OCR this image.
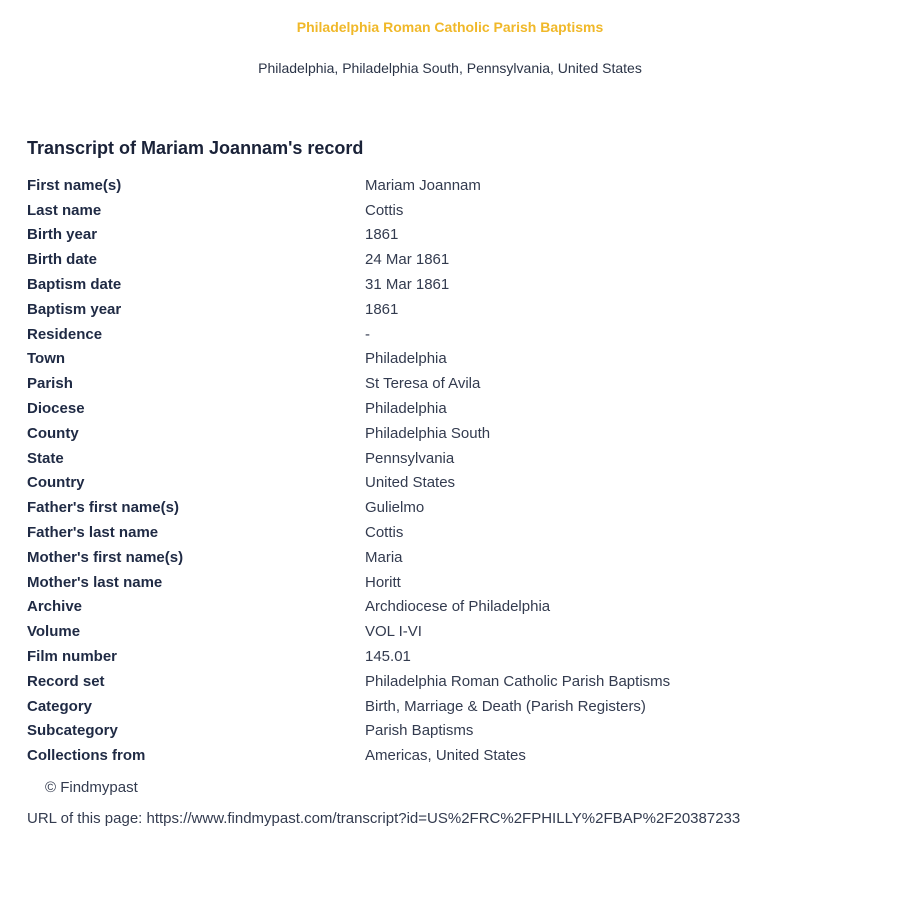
Philadelphia Roman Catholic Parish Baptisms
Philadelphia, Philadelphia South, Pennsylvania, United States
Transcript of Mariam Joannam's record
First name(s)	Mariam Joannam
Last name	Cottis
Birth year	1861
Birth date	24 Mar 1861
Baptism date	31 Mar 1861
Baptism year	1861
Residence	-
Town	Philadelphia
Parish	St Teresa of Avila
Diocese	Philadelphia
County	Philadelphia South
State	Pennsylvania
Country	United States
Father's first name(s)	Gulielmo
Father's last name	Cottis
Mother's first name(s)	Maria
Mother's last name	Horitt
Archive	Archdiocese of Philadelphia
Volume	VOL I-VI
Film number	145.01
Record set	Philadelphia Roman Catholic Parish Baptisms
Category	Birth, Marriage & Death (Parish Registers)
Subcategory	Parish Baptisms
Collections from	Americas, United States
© Findmypast
URL of this page: https://www.findmypast.com/transcript?id=US%2FRC%2FPHILLY%2FBAP%2F20387233
